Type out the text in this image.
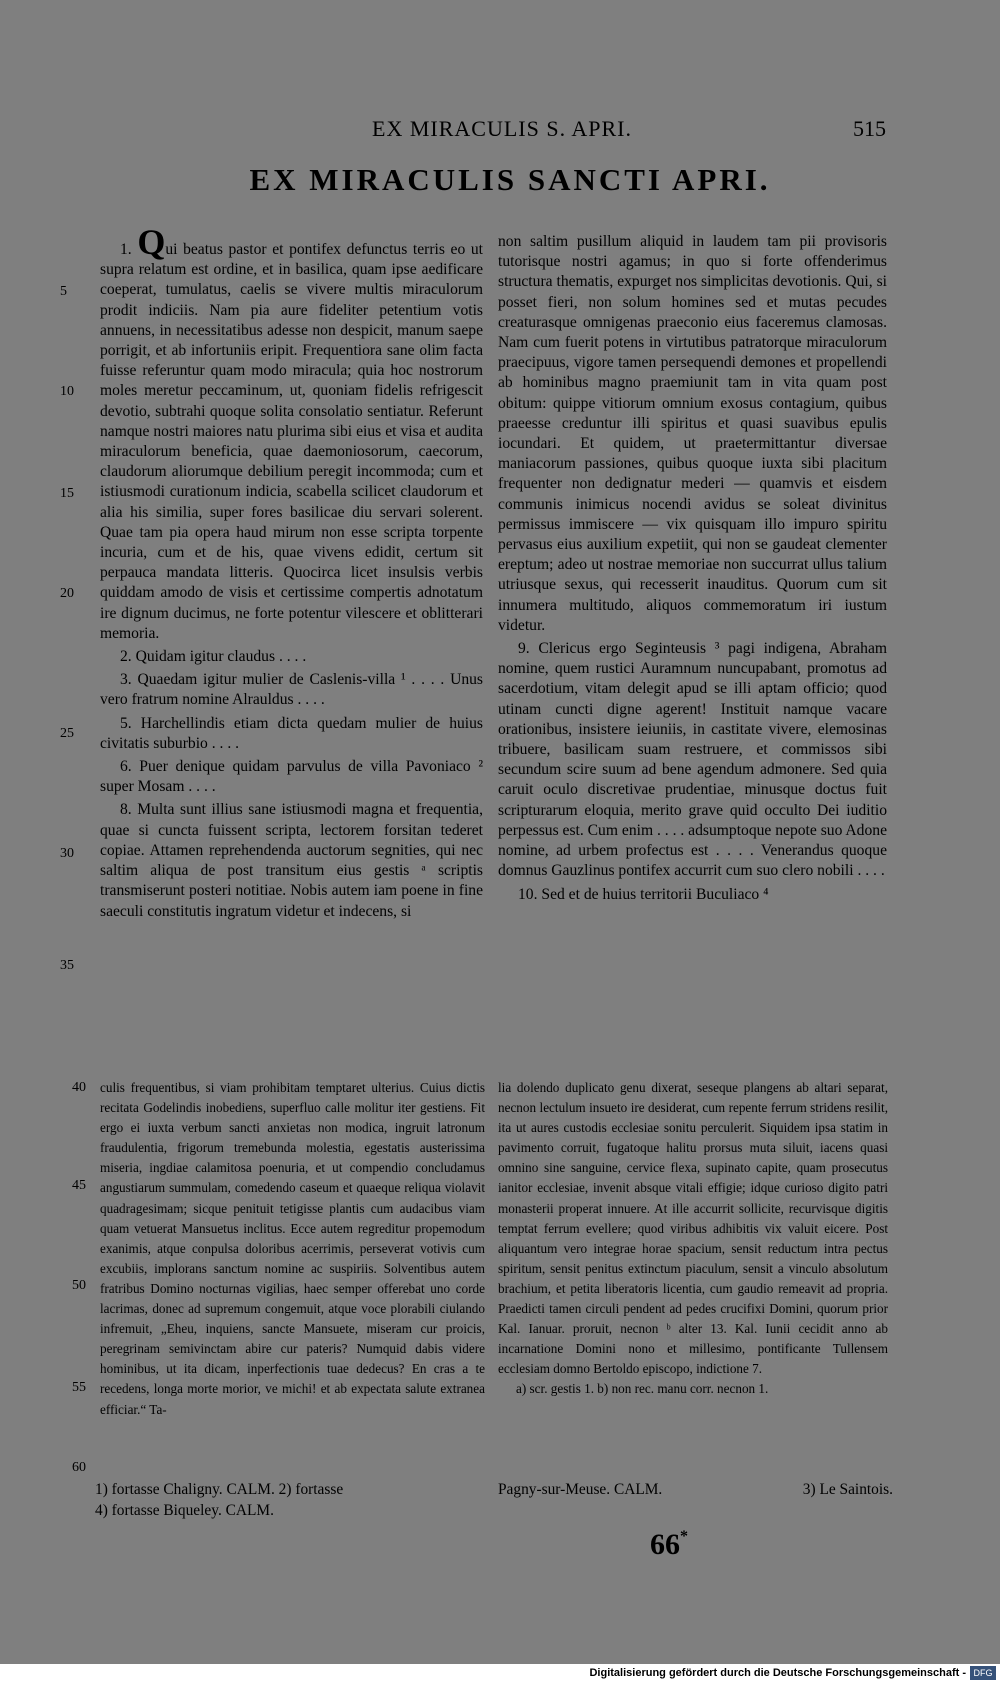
EX MIRACULIS S. APRI.	515
EX MIRACULIS SANCTI APRI.
5
10
15
20
25
30
35

1. Qui beatus pastor et pontifex defunctus terris eo ut supra relatum est ordine, et in basilica, quam ipse aedificare coeperat, tumulatus, caelis se vivere multis miraculorum prodit indiciis. Nam pia aure fideliter petentium votis annuens, in necessitatibus adesse non despicit, manum saepe porrigit, et ab infortuniis eripit. Frequentiora sane olim facta fuisse referuntur quam modo miracula; quia hoc nostrorum moles meretur peccaminum, ut, quoniam fidelis refrigescit devotio, subtrahi quoque solita consolatio sentiatur. Referunt namque nostri maiores natu plurima sibi eius et visa et audita miraculorum beneficia, quae daemoniosorum, caecorum, claudorum aliorumque debilium peregit incommoda; cum et istiusmodi curationum indicia, scabella scilicet claudorum et alia his similia, super fores basilicae diu servari solerent. Quae tam pia opera haud mirum non esse scripta torpente incuria, cum et de his, quae vivens edidit, certum sit perpauca mandata litteris. Quocirca licet insulsis verbis quiddam amodo de visis et certissime compertis adnotatum ire dignum ducimus, ne forte potentur vilescere et oblitterari memoria.

2. Quidam igitur claudus . . . .

3. Quaedam igitur mulier de Caslenis-villa ¹ . . . . Unus vero fratrum nomine Alrauldus . . . .

5. Harchellindis etiam dicta quedam mulier de huius civitatis suburbio . . . .

6. Puer denique quidam parvulus de villa Pavoniaco ² super Mosam . . . .

8. Multa sunt illius sane istiusmodi magna et frequentia, quae si cuncta fuissent scripta, lectorem forsitan tederet copiae. Attamen reprehendenda auctorum segnities, qui nec saltim aliqua de post transitum eius gestis ᵃ scriptis transmiserunt posteri notitiae. Nobis autem iam poene in fine saeculi constitutis ingratum videtur et indecens, si

non saltim pusillum aliquid in laudem tam pii provisoris tutorisque nostri agamus; in quo si forte offenderimus structura thematis, expurget nos simplicitas devotionis. Qui, si posset fieri, non solum homines sed et mutas pecudes creaturasque omnigenas praeconio eius faceremus clamosas. Nam cum fuerit potens in virtutibus patratorque miraculorum praecipuus, vigore tamen persequendi demones et propellendi ab hominibus magno praemiunit tam in vita quam post obitum: quippe vitiorum omnium exosus contagium, quibus praeesse creduntur illi spiritus et quasi suavibus epulis iocundari. Et quidem, ut praetermittantur diversae maniacorum passiones, quibus quoque iuxta sibi placitum frequenter non dedignatur mederi — quamvis et eisdem communis inimicus nocendi avidus se soleat divinitus permissus immiscere — vix quisquam illo impuro spiritu pervasus eius auxilium expetiit, qui non se gaudeat clementer ereptum; adeo ut nostrae memoriae non succurrat ullus talium utriusque sexus, qui recesserit inauditus. Quorum cum sit innumera multitudo, aliquos commemoratum iri iustum videtur.

9. Clericus ergo Seginteusis ³ pagi indigena, Abraham nomine, quem rustici Auramnum nuncupabant, promotus ad sacerdotium, vitam delegit apud se illi aptam officio; quod utinam cuncti digne agerent! Instituit namque vacare orationibus, insistere ieiuniis, in castitate vivere, elemosinas tribuere, basilicam suam restruere, et commissos sibi secundum scire suum ad bene agendum admonere. Sed quia caruit oculo discretivae prudentiae, minusque doctus fuit scripturarum eloquia, merito grave quid occulto Dei iuditio perpessus est. Cum enim . . . . adsumptoque nepote suo Adone nomine, ad urbem profectus est . . . . Venerandus quoque domnus Gauzlinus pontifex accurrit cum suo clero nobili . . . .

10. Sed et de huius territorii Buculiaco ⁴

40
45
50
55
60
culis frequentibus, si viam prohibitam temptaret ulterius. Cuius dictis recitata Godelindis inobediens, superfluo calle molitur iter gestiens. Fit ergo ei iuxta verbum sancti anxietas non modica, ingruit latronum fraudulentia, frigorum tremebunda molestia, egestatis austerissima miseria, ingdiae calamitosa poenuria, et ut compendio concludamus angustiarum summulam, comedendo caseum et quaeque reliqua violavit quadragesimam; sicque penituit tetigisse plantis cum audacibus viam quam vetuerat Mansuetus inclitus. Ecce autem regreditur propemodum exanimis, atque conpulsa doloribus acerrimis, perseverat votivis cum excubiis, implorans sanctum nomine ac suspiriis. Solventibus autem fratribus Domino nocturnas vigilias, haec semper offerebat uno corde lacrimas, donec ad supremum congemuit, atque voce plorabili ciulando infremuit, „Eheu, inquiens, sancte Mansuete, miseram cur proicis, peregrinam semivinctam abire cur pateris? Numquid dabis videre hominibus, ut ita dicam, inperfectionis tuae dedecus? En cras a te recedens, longa morte morior, ve michi! et ab expectata salute extranea efficiar.“ Ta-
lia dolendo duplicato genu dixerat, seseque plangens ab altari separat, necnon lectulum insueto ire desiderat, cum repente ferrum stridens resilit, ita ut aures custodis ecclesiae sonitu perculerit. Siquidem ipsa statim in pavimento corruit, fugatoque halitu prorsus muta siluit, iacens quasi omnino sine sanguine, cervice flexa, supinato capite, quam prosecutus ianitor ecclesiae, invenit absque vitali effigie; idque curioso digito patri monasterii properat innuere. At ille accurrit sollicite, recurvisque digitis temptat ferrum evellere; quod viribus adhibitis vix valuit eicere. Post aliquantum vero integrae horae spacium, sensit reductum intra pectus spiritum, sensit penitus extinctum piaculum, sensit a vinculo absolutum brachium, et petita liberatoris licentia, cum gaudio remeavit ad propria. Praedicti tamen circuli pendent ad pedes crucifixi Domini, quorum prior Kal. Ianuar. proruit, necnon ᵇ alter 13. Kal. Iunii cecidit anno ab incarnatione Domini nono et millesimo, pontificante Tullensem ecclesiam domno Bertoldo episcopo, indictione 7.
a) scr. gestis 1. b) non rec. manu corr. necnon 1.
1) fortasse Chaligny. CALM. 2) fortasse
4) fortasse Biqueley. CALM.
Pagny-sur-Meuse. CALM.	3) Le Saintois.
66*
Digitalisierung gefördert durch die Deutsche Forschungsgemeinschaft - DFG
